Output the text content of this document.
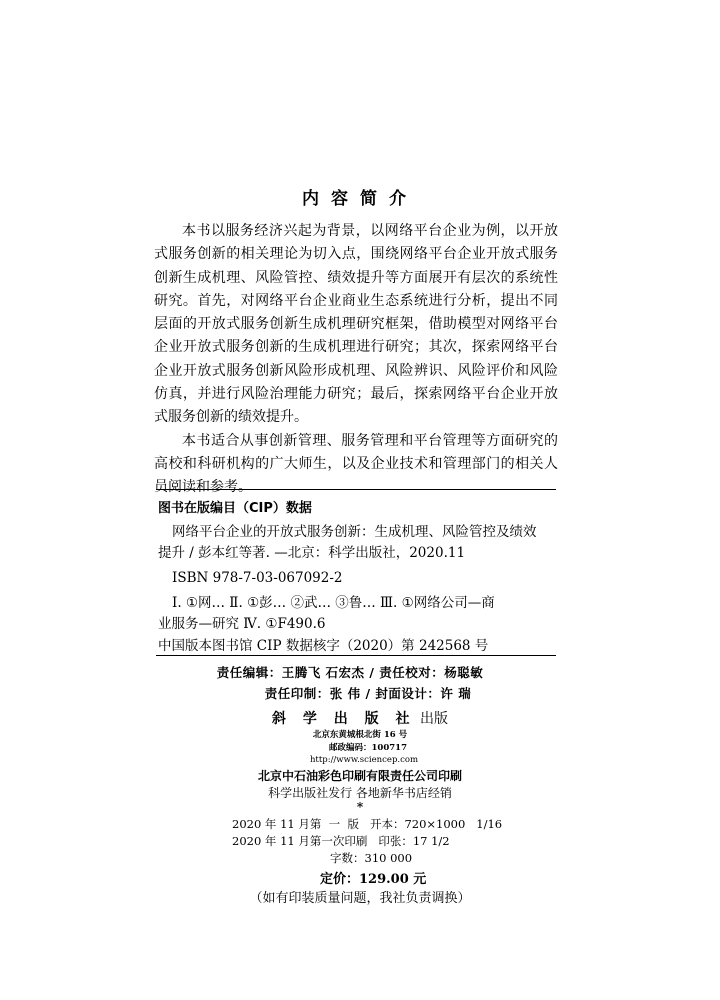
内容简介

本书以服务经济兴起为背景，以网络平台企业为例，以开放式服务创新的相关理论为切入点，围绕网络平台企业开放式服务创新生成机理、风险管控、绩效提升等方面展开有层次的系统性研究。首先，对网络平台企业商业生态系统进行分析，提出不同层面的开放式服务创新生成机理研究框架，借助模型对网络平台企业开放式服务创新的生成机理进行研究；其次，探索网络平台企业开放式服务创新风险形成机理、风险辨识、风险评价和风险仿真，并进行风险治理能力研究；最后，探索网络平台企业开放式服务创新的绩效提升。

本书适合从事创新管理、服务管理和平台管理等方面研究的高校和科研机构的广大师生，以及企业技术和管理部门的相关人员阅读和参考。

图书在版编目（CIP）数据
网络平台企业的开放式服务创新：生成机理、风险管控及绩效
提升 / 彭本红等著. —北京：科学出版社，2020.11
ISBN 978-7-03-067092-2
Ⅰ. ①网… Ⅱ. ①彭… ②武… ③鲁… Ⅲ. ①网络公司—商
业服务—研究 Ⅳ. ①F490.6
中国版本图书馆 CIP 数据核字（2020）第 242568 号
责任编辑：王腾飞 石宏杰 / 责任校对：杨聪敏
责任印制：张 伟 / 封面设计：许 瑞
斜 学 出 版 社 出版
北京东黄城根北街 16 号
邮政编码：100717
http://www.sciencep.com
北京中石油彩色印刷有限责任公司印刷
科学出版社发行 各地新华书店经销
*
2020 年 11 月第  一  版   开本：720×1000   1/16
2020 年 11 月第一次印刷   印张：17 1/2
字数：310 000
定价：129.00 元
（如有印装质量问题，我社负责调换）
